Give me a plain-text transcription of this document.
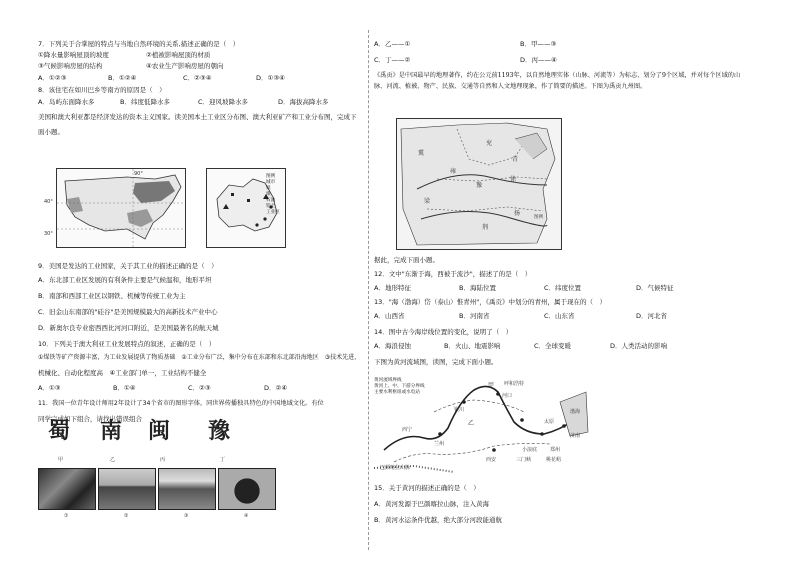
7．下列关于合掌屋的特点与当地自然环境的关系,描述正确的是（　）
①降水量影响屋顶的坡度	②植被影响屋顶的材质
③气候影响房屋的结构	④农业生产影响房屋的朝向
A．①②③	B．①②④	C．②③④	D．①③④
8．该住宅在如川巴乡等南方的原因是（　）
A．岛屿东面降水多	B．纬度低降水多	C．迎风坡降水多	D．海拔高降水多
美国和澳大利亚都是经济发达的资本主义国家。读美国本土工业区分布图、澳大利亚矿产和工业分布图，完成下面小题。
40°
30°
90°	图例
城市
铁
煤
石油
铝土
工业区
9．美国是发达的工业国家，关于其工业的描述正确的是（　）
A．东北部工业区发展的有利条件主要是气候温和，地形平坦
B．南部和西部工业区以钢铁、机械等传统工业为主
C．旧金山东南部的"硅谷"是美国规模最大的高新技术产业中心
D．新奥尔良专业密西西比河河口附近，是美国最著名的航天城
10．下列关于澳大利亚工业发展特点的叙述，正确的是（　）
①煤铁等矿产资源丰富，为工业发展提供了物质基础　②工业分布广泛，集中分布在东部和东北部沿海地区　③技术先进，
机械化、自动化程度高　④工业部门单一，工业结构不健全
A．①③	B．①④	C．②③	D．②④
11．我国一位青年设计师用2年设计了34个省市的图形字体，同世界传播独具特色的中国地域文化。有位
同学完成如下组合，请找出错误组合
蜀 南 闽 豫
甲	乙	丙	丁
①	②	③	④
A．乙——①	B．甲——③
C．丁——②	D．丙——④
《禹贡》是中国最早的地理著作，约在公元前1193年，以自然地理实体（山脉、河流等）为标志，划分了9个区域，并对每个区域的山脉、河流、植被、物产、民族、交通等自然和人文地理现象，作了简要的描述。下图为禹贡九州图。
冀
兖
青
豫
徐
梁
扬
荆
雍
图例
据此，完成下面小题。
12．文中"东渐于海，西被于流沙"，描述了的是（　）
A．地形特征	B．海陆位置	C．纬度位置	D．气候特征
13．"海（渤海）岱（泰山）惟青州"，《禹贡》中划分的青州，属于现在的（　）
A．山西省	B．河南省	C．山东省	D．河北省
14．图中古今海岸线位置的变化，说明了（　）
A．海浪侵蚀	B．火山、地震影响	C．全球变暖	D．人类活动的影响
下图为黄河流域图，读图，完成下面小题。
黄河流域界线
黄河上、中、下游分界线
主要水利枢纽或水电站
呼和浩特
河口
银川
太原
西宁
兰州
济南
郑州
西安	三门峡
小浪底
桃花峪
甲
乙
渤海
巴颜喀拉山脉
15．关于黄河的描述正确的是（　）
A．黄河发源于巴颜喀拉山脉，注入黄海
B．黄河水运条件优越，绝大部分河段能通航
